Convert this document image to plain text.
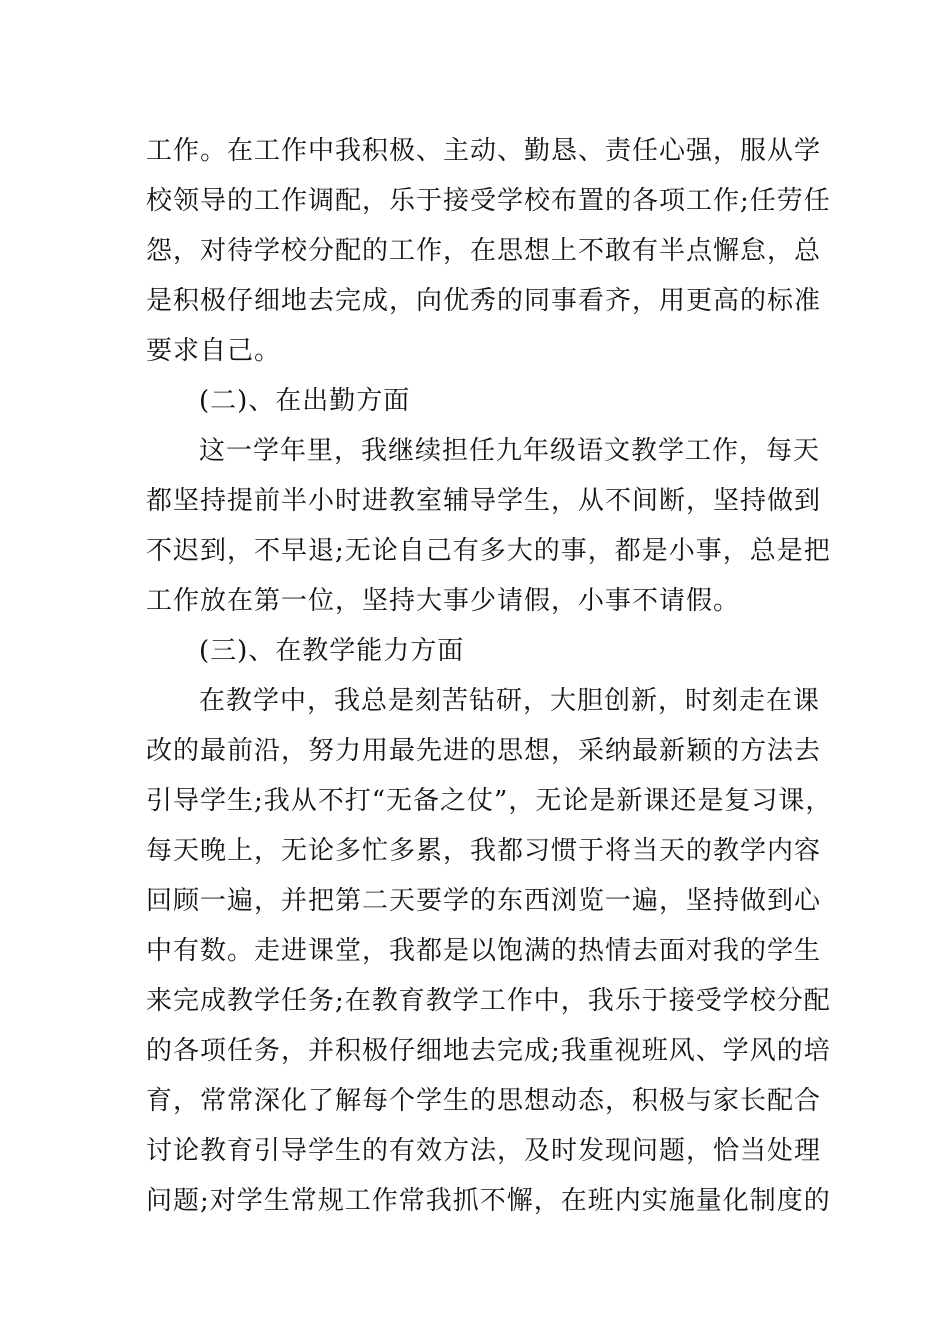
工作。在工作中我积极、主动、勤恳、责任心强，服从学
校领导的工作调配，乐于接受学校布置的各项工作;任劳任
怨，对待学校分配的工作，在思想上不敢有半点懈怠，总
是积极仔细地去完成，向优秀的同事看齐，用更高的标准
要求自己。
(二)、在出勤方面
这一学年里，我继续担任九年级语文教学工作，每天
都坚持提前半小时进教室辅导学生，从不间断，坚持做到
不迟到，不早退;无论自己有多大的事，都是小事，总是把
工作放在第一位，坚持大事少请假，小事不请假。
(三)、在教学能力方面
在教学中，我总是刻苦钻研，大胆创新，时刻走在课
改的最前沿，努力用最先进的思想，采纳最新颖的方法去
引导学生;我从不打“无备之仗”，无论是新课还是复习课，
每天晚上，无论多忙多累，我都习惯于将当天的教学内容
回顾一遍，并把第二天要学的东西浏览一遍，坚持做到心
中有数。走进课堂，我都是以饱满的热情去面对我的学生
来完成教学任务;在教育教学工作中，我乐于接受学校分配
的各项任务，并积极仔细地去完成;我重视班风、学风的培
育，常常深化了解每个学生的思想动态，积极与家长配合
讨论教育引导学生的有效方法，及时发现问题，恰当处理
问题;对学生常规工作常我抓不懈，在班内实施量化制度的
